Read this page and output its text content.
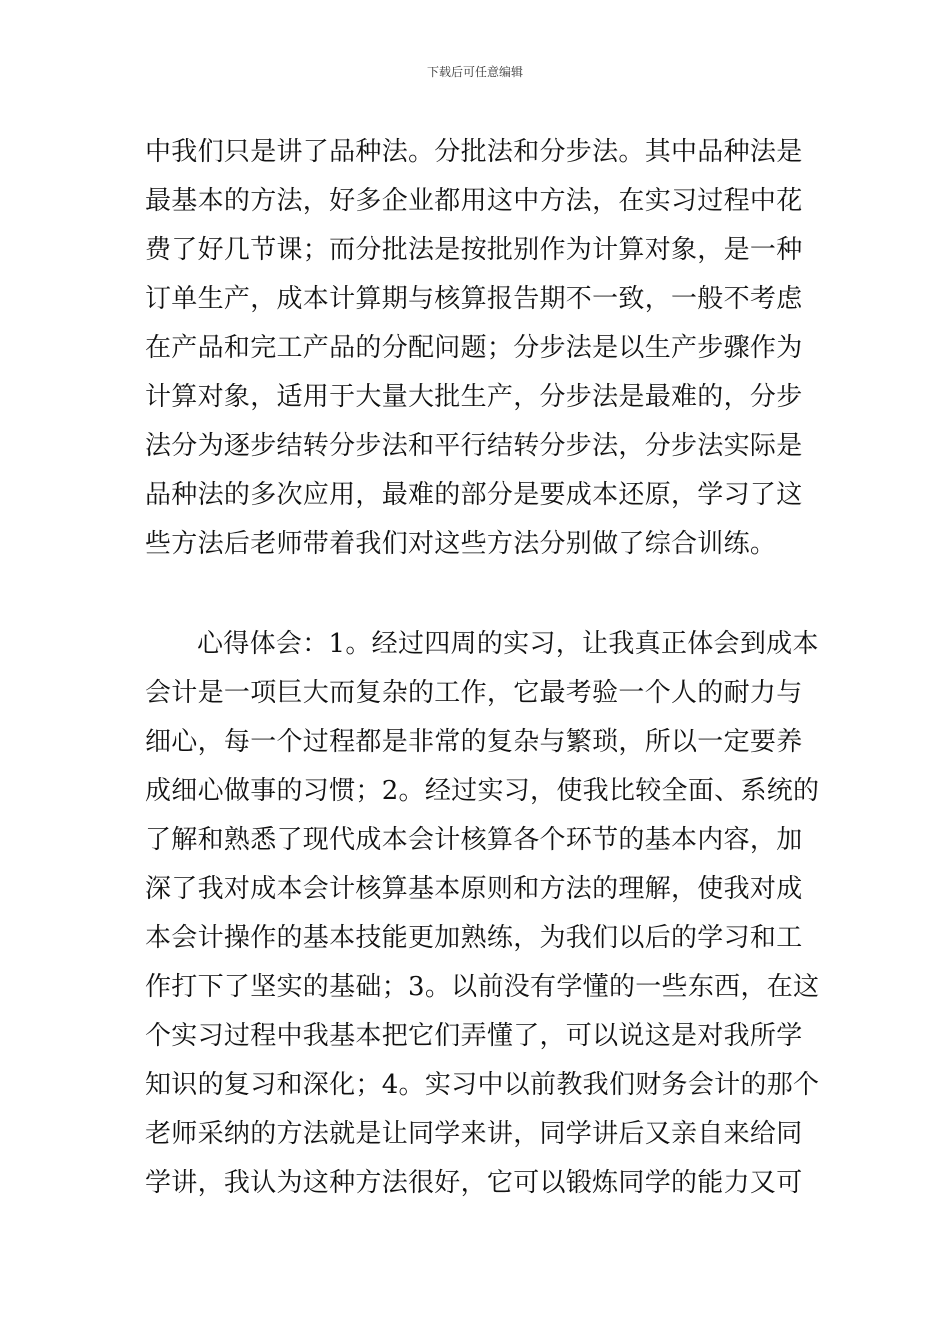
下载后可任意编辑
中我们只是讲了品种法。分批法和分步法。其中品种法是
最基本的方法，好多企业都用这中方法，在实习过程中花
费了好几节课；而分批法是按批别作为计算对象，是一种
订单生产，成本计算期与核算报告期不一致，一般不考虑
在产品和完工产品的分配问题；分步法是以生产步骤作为
计算对象，适用于大量大批生产，分步法是最难的，分步
法分为逐步结转分步法和平行结转分步法，分步法实际是
品种法的多次应用，最难的部分是要成本还原，学习了这
些方法后老师带着我们对这些方法分别做了综合训练。
心得体会：1。经过四周的实习，让我真正体会到成本
会计是一项巨大而复杂的工作，它最考验一个人的耐力与
细心，每一个过程都是非常的复杂与繁琐，所以一定要养
成细心做事的习惯；2。经过实习，使我比较全面、系统的
了解和熟悉了现代成本会计核算各个环节的基本内容，加
深了我对成本会计核算基本原则和方法的理解，使我对成
本会计操作的基本技能更加熟练，为我们以后的学习和工
作打下了坚实的基础；3。以前没有学懂的一些东西，在这
个实习过程中我基本把它们弄懂了，可以说这是对我所学
知识的复习和深化；4。实习中以前教我们财务会计的那个
老师采纳的方法就是让同学来讲，同学讲后又亲自来给同
学讲，我认为这种方法很好，它可以锻炼同学的能力又可
